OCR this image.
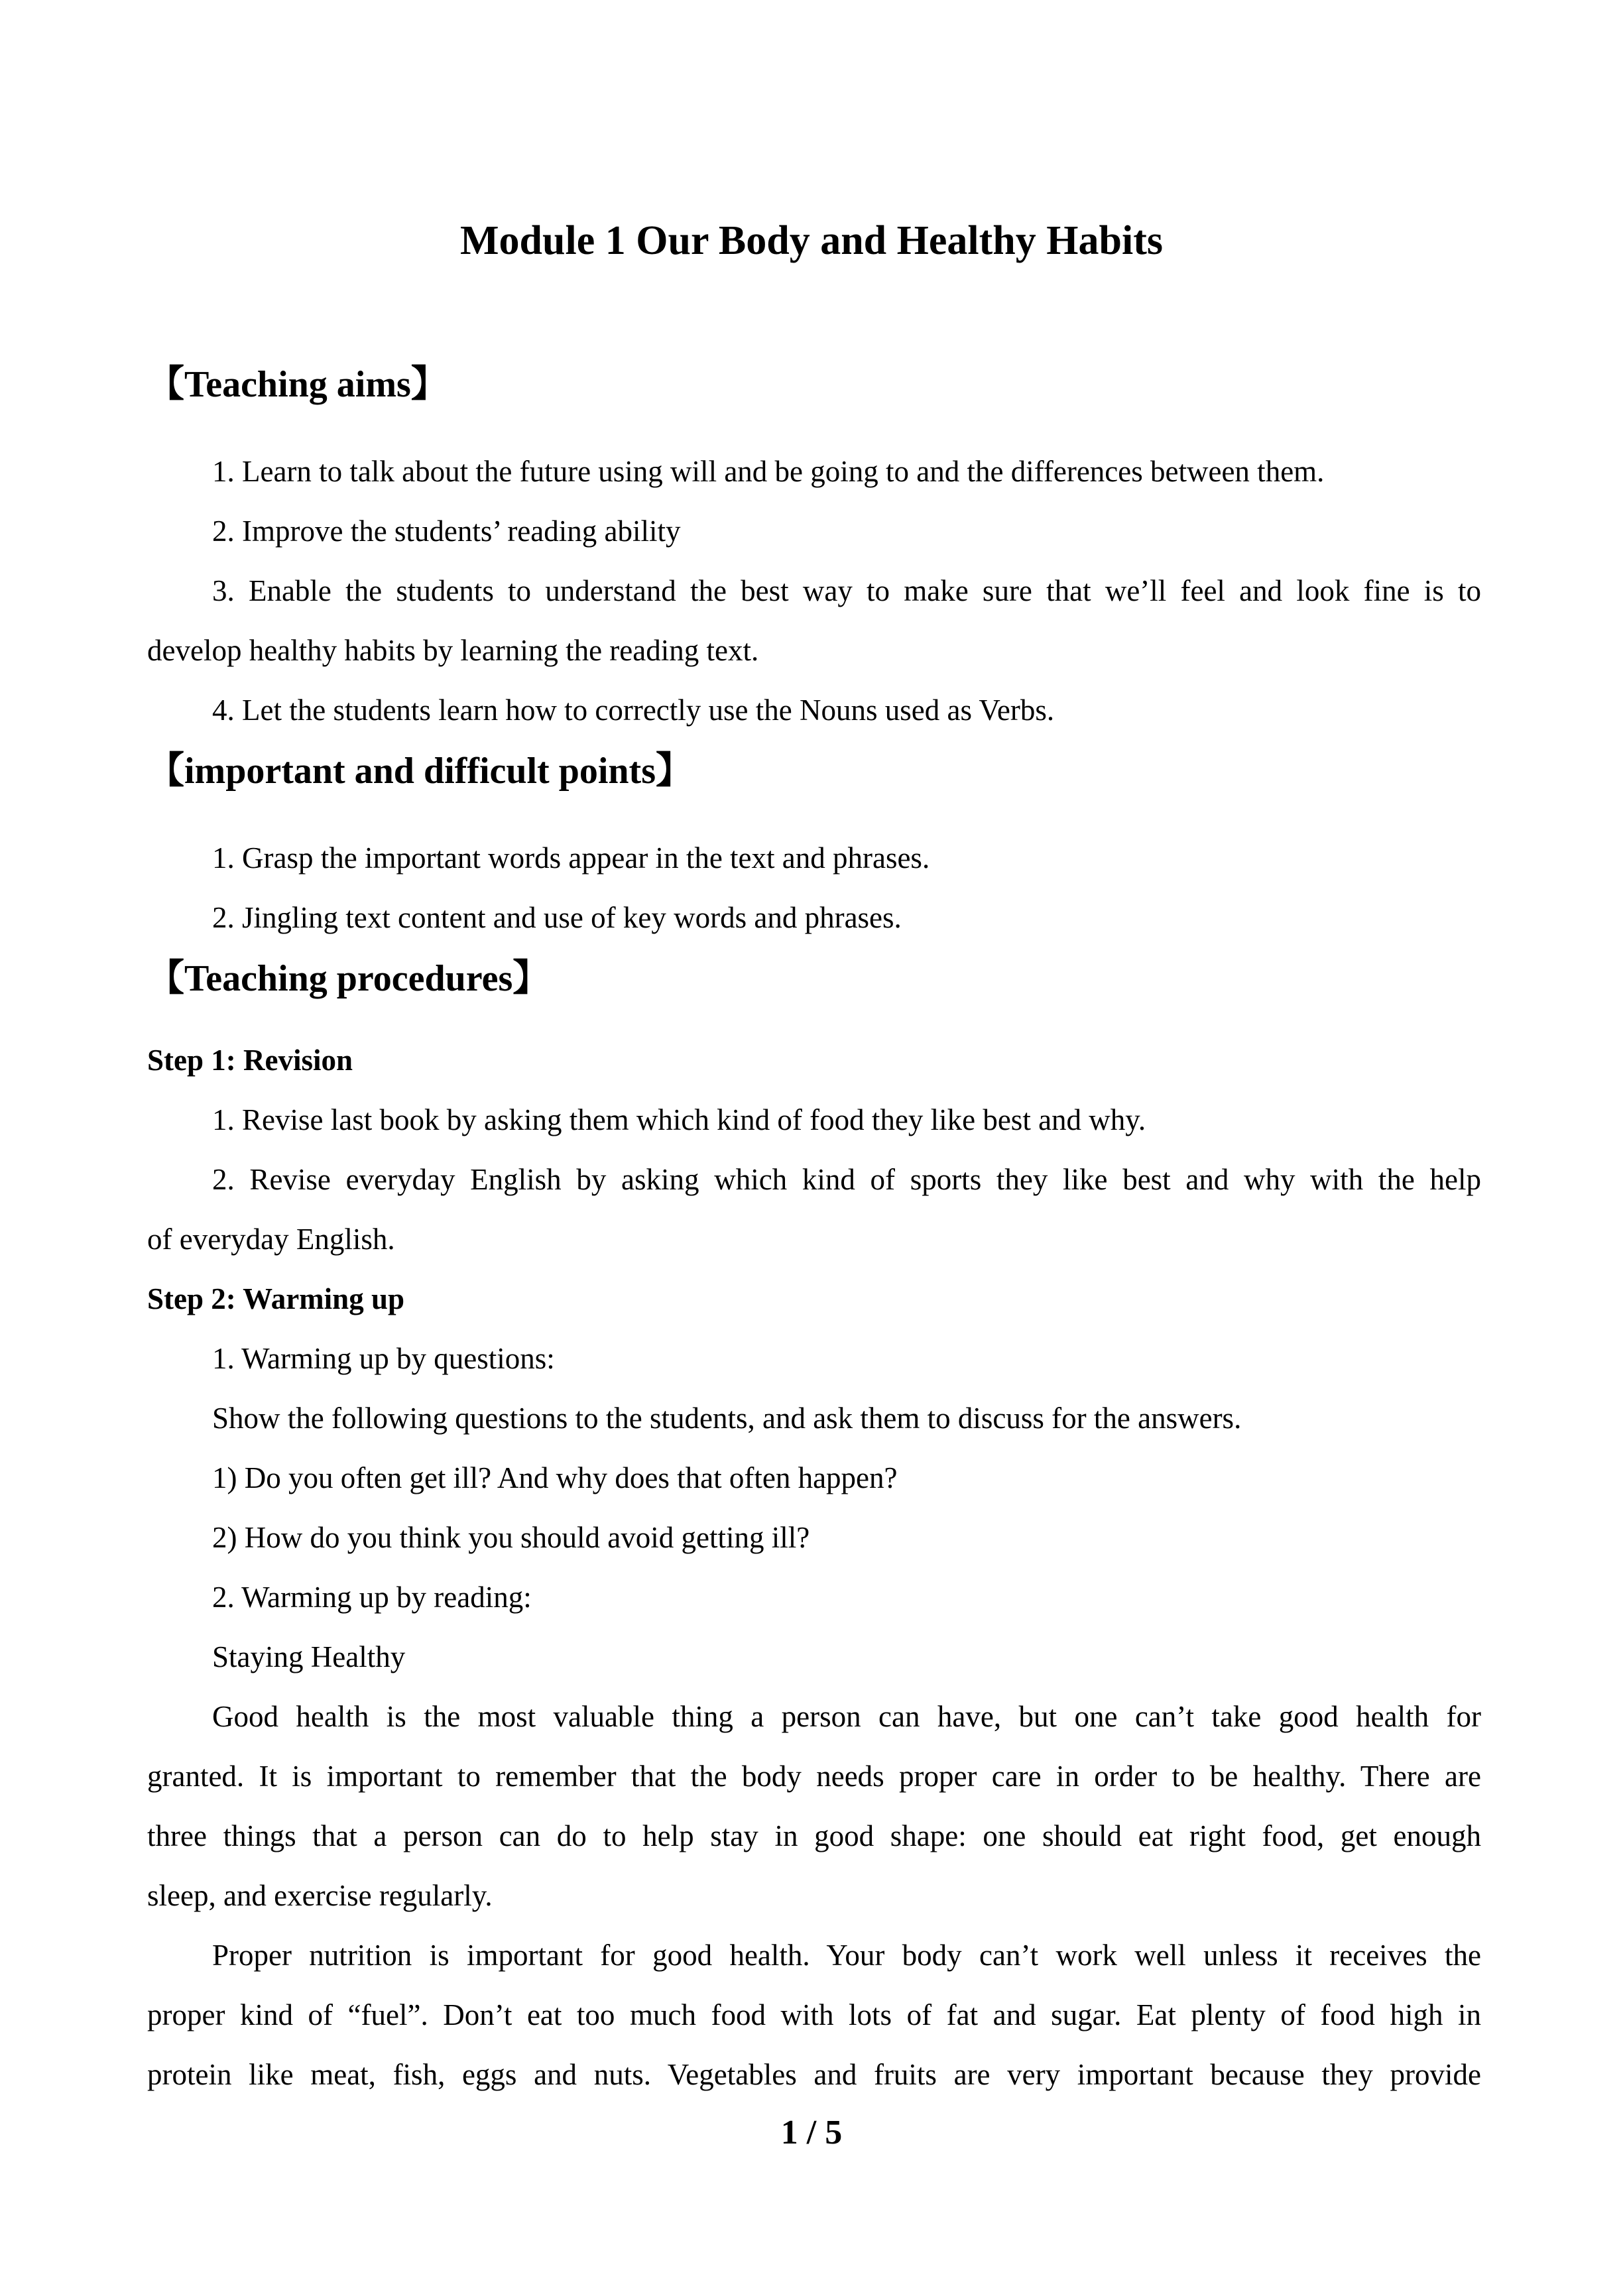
Module 1 Our Body and Healthy Habits
【Teaching aims】
1. Learn to talk about the future using will and be going to and the differences between them.
2. Improve the students’ reading ability
3. Enable the students to understand the best way to make sure that we’ll feel and look fine is to
develop healthy habits by learning the reading text.
4. Let the students learn how to correctly use the Nouns used as Verbs.
【important and difficult points】
1. Grasp the important words appear in the text and phrases.
2. Jingling text content and use of key words and phrases.
【Teaching procedures】
Step 1: Revision
1. Revise last book by asking them which kind of food they like best and why.
2. Revise everyday English by asking which kind of sports they like best and why with the help
of everyday English.
Step 2: Warming up
1. Warming up by questions:
Show the following questions to the students, and ask them to discuss for the answers.
1) Do you often get ill? And why does that often happen?
2) How do you think you should avoid getting ill?
2. Warming up by reading:
Staying Healthy
Good health is the most valuable thing a person can have, but one can’t take good health for
granted. It is important to remember that the body needs proper care in order to be healthy. There are
three things that a person can do to help stay in good shape: one should eat right food, get enough
sleep, and exercise regularly.
Proper nutrition is important for good health. Your body can’t work well unless it receives the
proper kind of “fuel”. Don’t eat too much food with lots of fat and sugar. Eat plenty of food high in
protein like meat, fish, eggs and nuts. Vegetables and fruits are very important because they provide
1 / 5
